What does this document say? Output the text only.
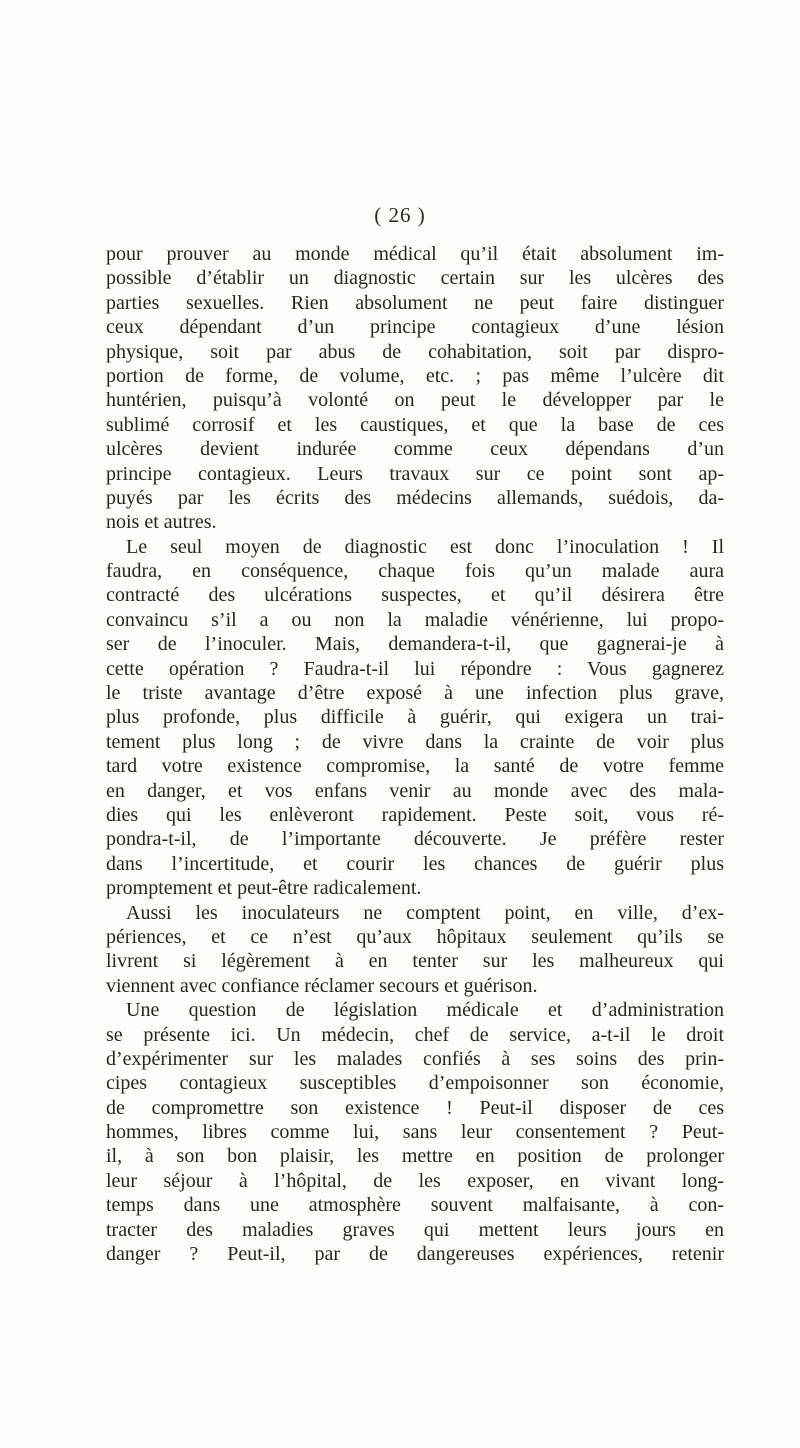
( 26 )
pour prouver au monde médical qu’il était absolument im-
possible d’établir un diagnostic certain sur les ulcères des
parties sexuelles. Rien absolument ne peut faire distinguer
ceux dépendant d’un principe contagieux d’une lésion
physique, soit par abus de cohabitation, soit par dispro-
portion de forme, de volume, etc. ; pas même l’ulcère dit
huntérien, puisqu’à volonté on peut le développer par le
sublimé corrosif et les caustiques, et que la base de ces
ulcères devient indurée comme ceux dépendans d’un
principe contagieux. Leurs travaux sur ce point sont ap-
puyés par les écrits des médecins allemands, suédois, da-
nois et autres.
Le seul moyen de diagnostic est donc l’inoculation ! Il
faudra, en conséquence, chaque fois qu’un malade aura
contracté des ulcérations suspectes, et qu’il désirera être
convaincu s’il a ou non la maladie vénérienne, lui propo-
ser de l’inoculer. Mais, demandera-t-il, que gagnerai-je à
cette opération ? Faudra-t-il lui répondre : Vous gagnerez
le triste avantage d’être exposé à une infection plus grave,
plus profonde, plus difficile à guérir, qui exigera un trai-
tement plus long ; de vivre dans la crainte de voir plus
tard votre existence compromise, la santé de votre femme
en danger, et vos enfans venir au monde avec des mala-
dies qui les enlèveront rapidement. Peste soit, vous ré-
pondra-t-il, de l’importante découverte. Je préfère rester
dans l’incertitude, et courir les chances de guérir plus
promptement et peut-être radicalement.
Aussi les inoculateurs ne comptent point, en ville, d’ex-
périences, et ce n’est qu’aux hôpitaux seulement qu’ils se
livrent si légèrement à en tenter sur les malheureux qui
viennent avec confiance réclamer secours et guérison.
Une question de législation médicale et d’administration
se présente ici. Un médecin, chef de service, a-t-il le droit
d’expérimenter sur les malades confiés à ses soins des prin-
cipes contagieux susceptibles d’empoisonner son économie,
de compromettre son existence ! Peut-il disposer de ces
hommes, libres comme lui, sans leur consentement ? Peut-
il, à son bon plaisir, les mettre en position de prolonger
leur séjour à l’hôpital, de les exposer, en vivant long-
temps dans une atmosphère souvent malfaisante, à con-
tracter des maladies graves qui mettent leurs jours en
danger ? Peut-il, par de dangereuses expériences, retenir
